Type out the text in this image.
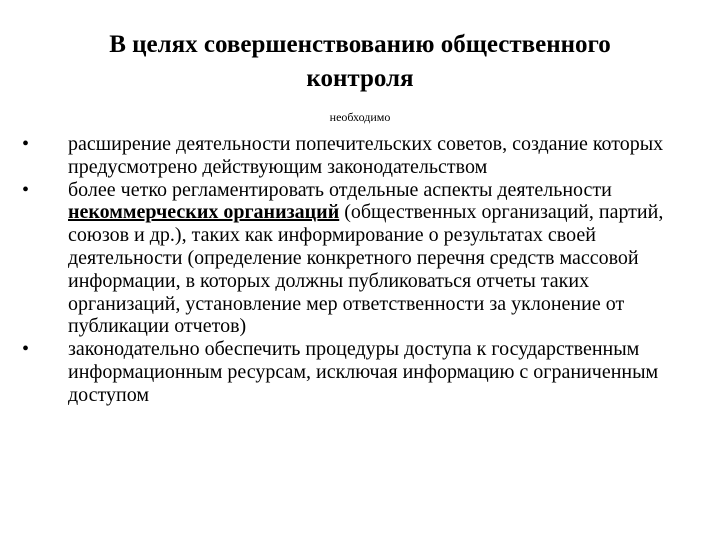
В целях совершенствованию общественного контроля
необходимо
•	расширение деятельности попечительских советов, создание которых предусмотрено действующим законодательством
•	более четко регламентировать отдельные аспекты деятельности некоммерческих организаций (общественных организаций, партий, союзов и др.), таких как информирование о результатах своей деятельности (определение конкретного перечня средств массовой информации, в которых должны публиковаться отчеты таких организаций, установление мер ответственности за уклонение от публикации отчетов)
•	законодательно обеспечить процедуры доступа к государственным информационным ресурсам, исключая информацию с ограниченным доступом
